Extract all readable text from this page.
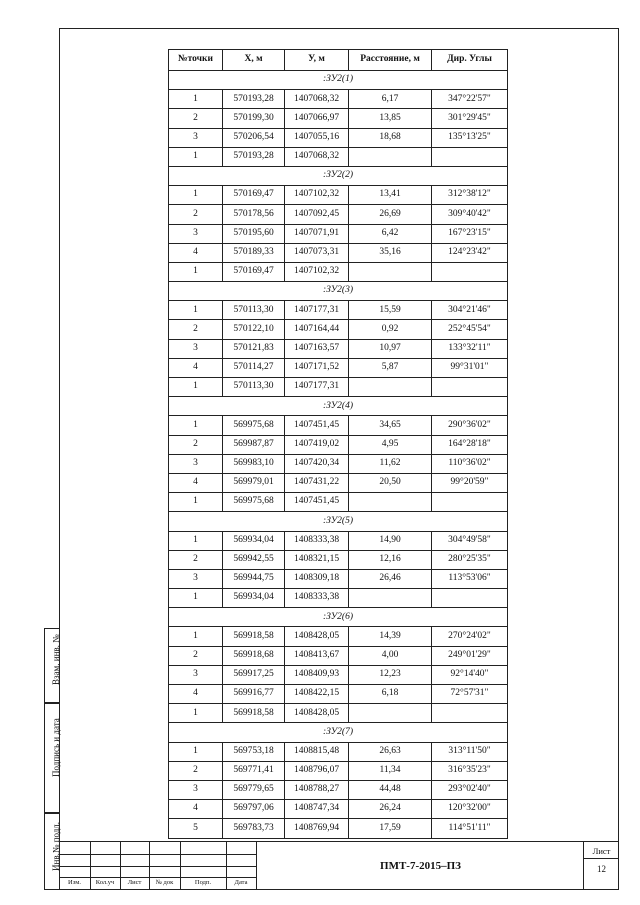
Взам. инв. №
Подпись и дата
Инв.№ подл.
№точки	X, м	У, м	Расстояние, м	Дир. Углы
:ЗУ2(1)				
1	570193,28	1407068,32	6,17	347°22'57"
2	570199,30	1407066,97	13,85	301°29'45"
3	570206,54	1407055,16	18,68	135°13'25"
1	570193,28	1407068,32		
:ЗУ2(2)				
1	570169,47	1407102,32	13,41	312°38'12"
2	570178,56	1407092,45	26,69	309°40'42"
3	570195,60	1407071,91	6,42	167°23'15"
4	570189,33	1407073,31	35,16	124°23'42"
1	570169,47	1407102,32		
:ЗУ2(3)				
1	570113,30	1407177,31	15,59	304°21'46"
2	570122,10	1407164,44	0,92	252°45'54"
3	570121,83	1407163,57	10,97	133°32'11"
4	570114,27	1407171,52	5,87	99°31'01"
1	570113,30	1407177,31		
:ЗУ2(4)				
1	569975,68	1407451,45	34,65	290°36'02"
2	569987,87	1407419,02	4,95	164°28'18"
3	569983,10	1407420,34	11,62	110°36'02"
4	569979,01	1407431,22	20,50	99°20'59"
1	569975,68	1407451,45		
:ЗУ2(5)				
1	569934,04	1408333,38	14,90	304°49'58"
2	569942,55	1408321,15	12,16	280°25'35"
3	569944,75	1408309,18	26,46	113°53'06"
1	569934,04	1408333,38		
:ЗУ2(6)				
1	569918,58	1408428,05	14,39	270°24'02"
2	569918,68	1408413,67	4,00	249°01'29"
3	569917,25	1408409,93	12,23	92°14'40"
4	569916,77	1408422,15	6,18	72°57'31"
1	569918,58	1408428,05		
:ЗУ2(7)				
1	569753,18	1408815,48	26,63	313°11'50"
2	569771,41	1408796,07	11,34	316°35'23"
3	569779,65	1408788,27	44,48	293°02'40"
4	569797,06	1408747,34	26,24	120°32'00"
5	569783,73	1408769,94	17,59	114°51'11"
Изм.	Кол.уч	Лист	№ док	Подп.	Дата
ПМТ-7-2015–ПЗ
Лист
12
